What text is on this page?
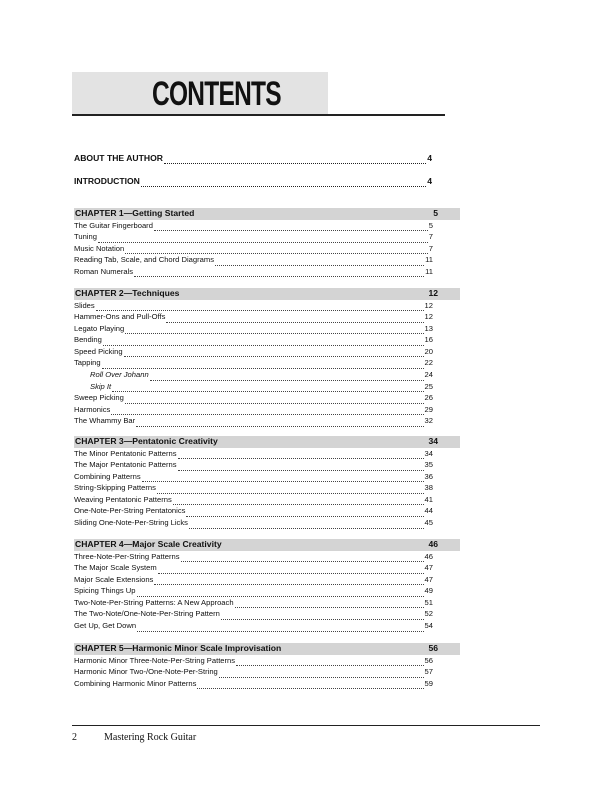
CONTENTS
ABOUT THE AUTHOR	4
INTRODUCTION	4
CHAPTER 1—Getting Started	5
The Guitar Fingerboard	5
Tuning	7
Music Notation	7
Reading Tab, Scale, and Chord Diagrams	11
Roman Numerals	11
CHAPTER 2—Techniques	12
Slides	12
Hammer-Ons and Pull-Offs	12
Legato Playing	13
Bending	16
Speed Picking	20
Tapping	22
Roll Over Johann	24
Skip It	25
Sweep Picking	26
Harmonics	29
The Whammy Bar	32
CHAPTER 3—Pentatonic Creativity	34
The Minor Pentatonic Patterns	34
The Major Pentatonic Patterns	35
Combining Patterns	36
String-Skipping Patterns	38
Weaving Pentatonic Patterns	41
One-Note-Per-String Pentatonics	44
Sliding One-Note-Per-String Licks	45
CHAPTER 4—Major Scale Creativity	46
Three-Note-Per-String Patterns	46
The Major Scale System	47
Major Scale Extensions	47
Spicing Things Up	49
Two-Note-Per-String Patterns: A New Approach	51
The Two-Note/One-Note-Per-String Pattern	52
Get Up, Get Down	54
CHAPTER 5—Harmonic Minor Scale Improvisation	56
Harmonic Minor Three-Note-Per-String Patterns	56
Harmonic Minor Two-/One-Note-Per-String	57
Combining Harmonic Minor Patterns	59
2	Mastering Rock Guitar
